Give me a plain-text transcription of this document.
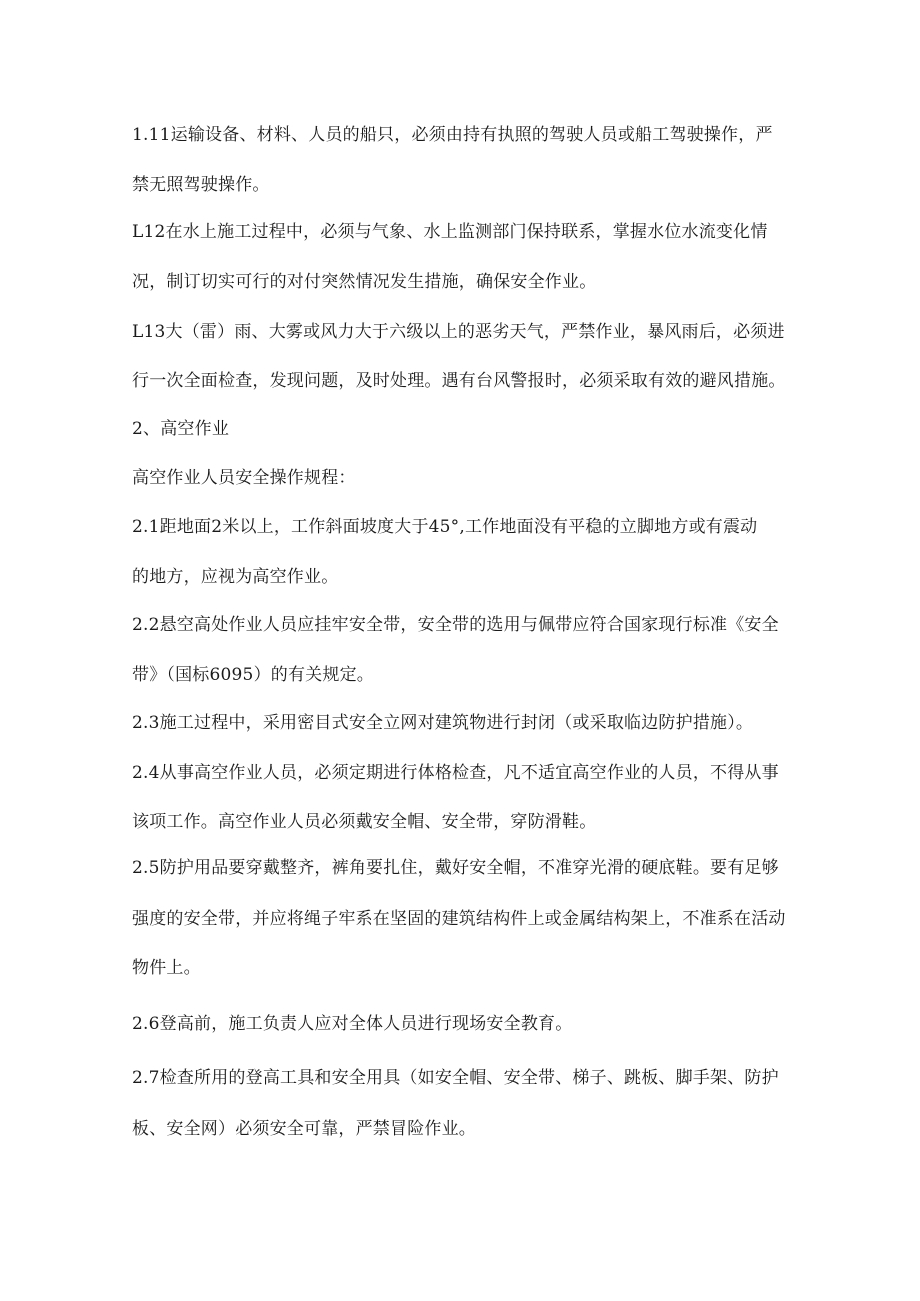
1.11运输设备、材料、人员的船只，必须由持有执照的驾驶人员或船工驾驶操作，严

禁无照驾驶操作。

L12在水上施工过程中，必须与气象、水上监测部门保持联系，掌握水位水流变化情

况，制订切实可行的对付突然情况发生措施，确保安全作业。

L13大（雷）雨、大雾或风力大于六级以上的恶劣天气，严禁作业，暴风雨后，必须进

行一次全面检查，发现问题，及时处理。遇有台风警报时，必须采取有效的避风措施。

2、高空作业

高空作业人员安全操作规程：

2.1距地面2米以上，工作斜面坡度大于45°,工作地面没有平稳的立脚地方或有震动

的地方，应视为高空作业。

2.2悬空高处作业人员应挂牢安全带，安全带的选用与佩带应符合国家现行标准《安全

带》（国标6095）的有关规定。

2.3施工过程中，采用密目式安全立网对建筑物进行封闭（或采取临边防护措施）。

2.4从事高空作业人员，必须定期进行体格检查，凡不适宜高空作业的人员，不得从事

该项工作。高空作业人员必须戴安全帽、安全带，穿防滑鞋。

2.5防护用品要穿戴整齐，裤角要扎住，戴好安全帽，不准穿光滑的硬底鞋。要有足够

强度的安全带，并应将绳子牢系在坚固的建筑结构件上或金属结构架上，不准系在活动

物件上。

2.6登高前，施工负责人应对全体人员进行现场安全教育。

2.7检查所用的登高工具和安全用具（如安全帽、安全带、梯子、跳板、脚手架、防护

板、安全网）必须安全可靠，严禁冒险作业。
